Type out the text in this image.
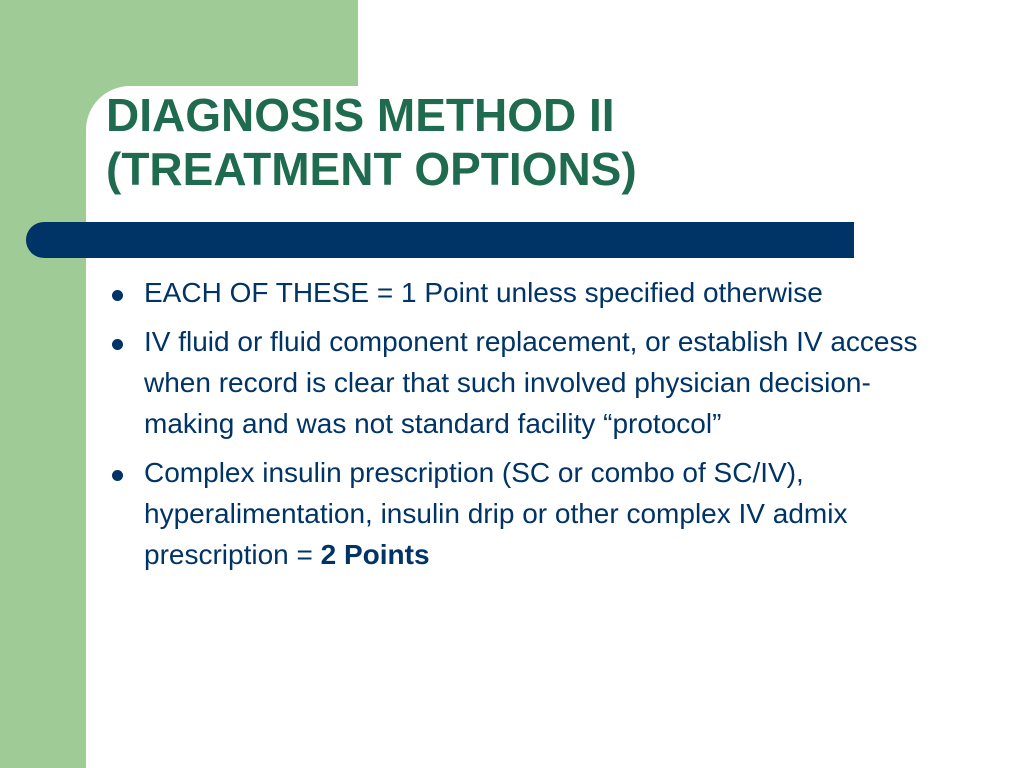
DIAGNOSIS METHOD II
(TREATMENT OPTIONS)
EACH OF THESE = 1 Point unless specified otherwise
IV fluid or fluid component replacement, or establish IV access when record is clear that such involved physician decision-making and was not standard facility “protocol”
Complex insulin prescription (SC or combo of SC/IV), hyperalimentation, insulin drip or other complex IV admix prescription = 2 Points
